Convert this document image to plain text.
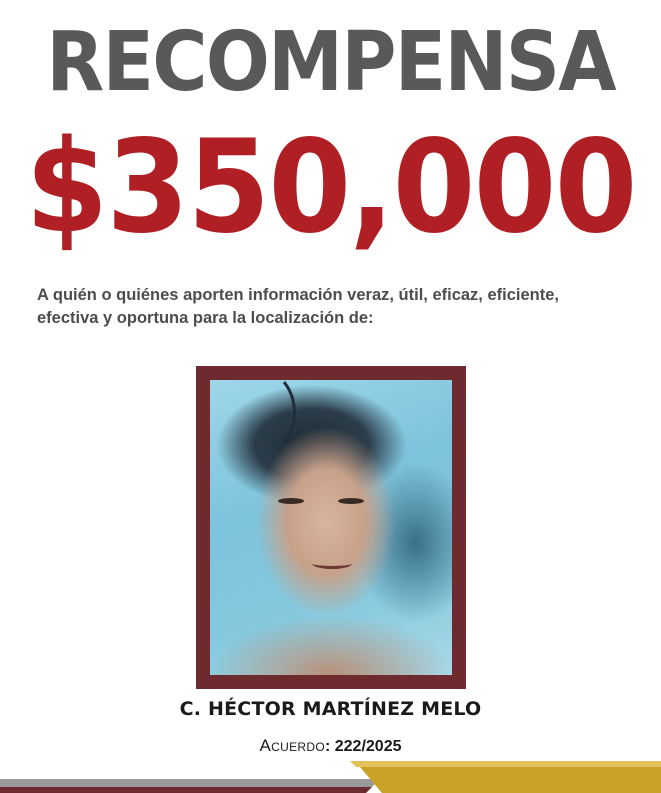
RECOMPENSA
$350,000
A quién o quiénes aporten información veraz, útil, eficaz, eficiente,
efectiva y oportuna para la localización de:
C. HÉCTOR MARTÍNEZ MELO
Acuerdo: 222/2025
